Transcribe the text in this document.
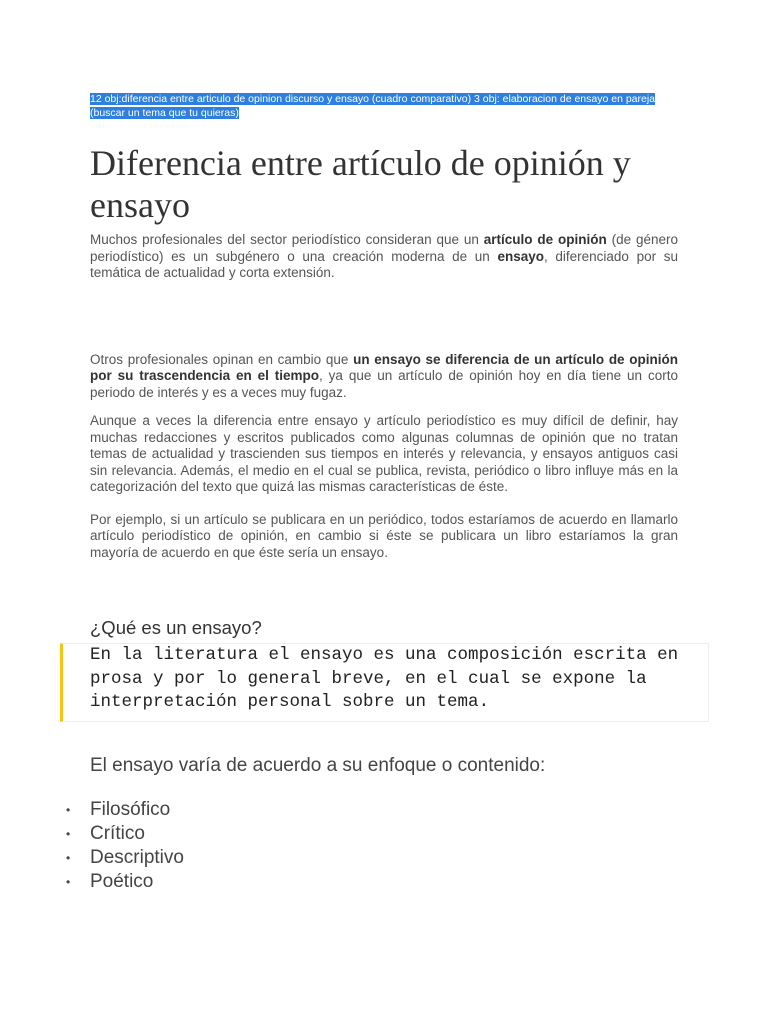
12 obj:diferencia entre articulo de opinion discurso y ensayo (cuadro comparativo) 3 obj: elaboracion de ensayo en pareja
(buscar un tema que tu quieras)
Diferencia entre artículo de opinión y ensayo

Muchos profesionales del sector periodístico consideran que un artículo de opinión (de género periodístico) es un subgénero o una creación moderna de un ensayo, diferenciado por su temática de actualidad y corta extensión.

Otros profesionales opinan en cambio que un ensayo se diferencia de un artículo de opinión por su trascendencia en el tiempo, ya que un artículo de opinión hoy en día tiene un corto periodo de interés y es a veces muy fugaz.

Aunque a veces la diferencia entre ensayo y artículo periodístico es muy difícil de definir, hay muchas redacciones y escritos publicados como algunas columnas de opinión que no tratan temas de actualidad y trascienden sus tiempos en interés y relevancia, y ensayos antiguos casi sin relevancia. Además, el medio en el cual se publica, revista, periódico o libro influye más en la categorización del texto que quizá las mismas características de éste.

Por ejemplo, si un artículo se publicara en un periódico, todos estaríamos de acuerdo en llamarlo artículo periodístico de opinión, en cambio si éste se publicara un libro estaríamos la gran mayoría de acuerdo en que éste sería un ensayo.

¿Qué es un ensayo?
En la literatura el ensayo es una composición escrita en prosa y por lo general breve, en el cual se expone la interpretación personal sobre un tema.
El ensayo varía de acuerdo a su enfoque o contenido:
• Filosófico
• Crítico
• Descriptivo
• Poético
